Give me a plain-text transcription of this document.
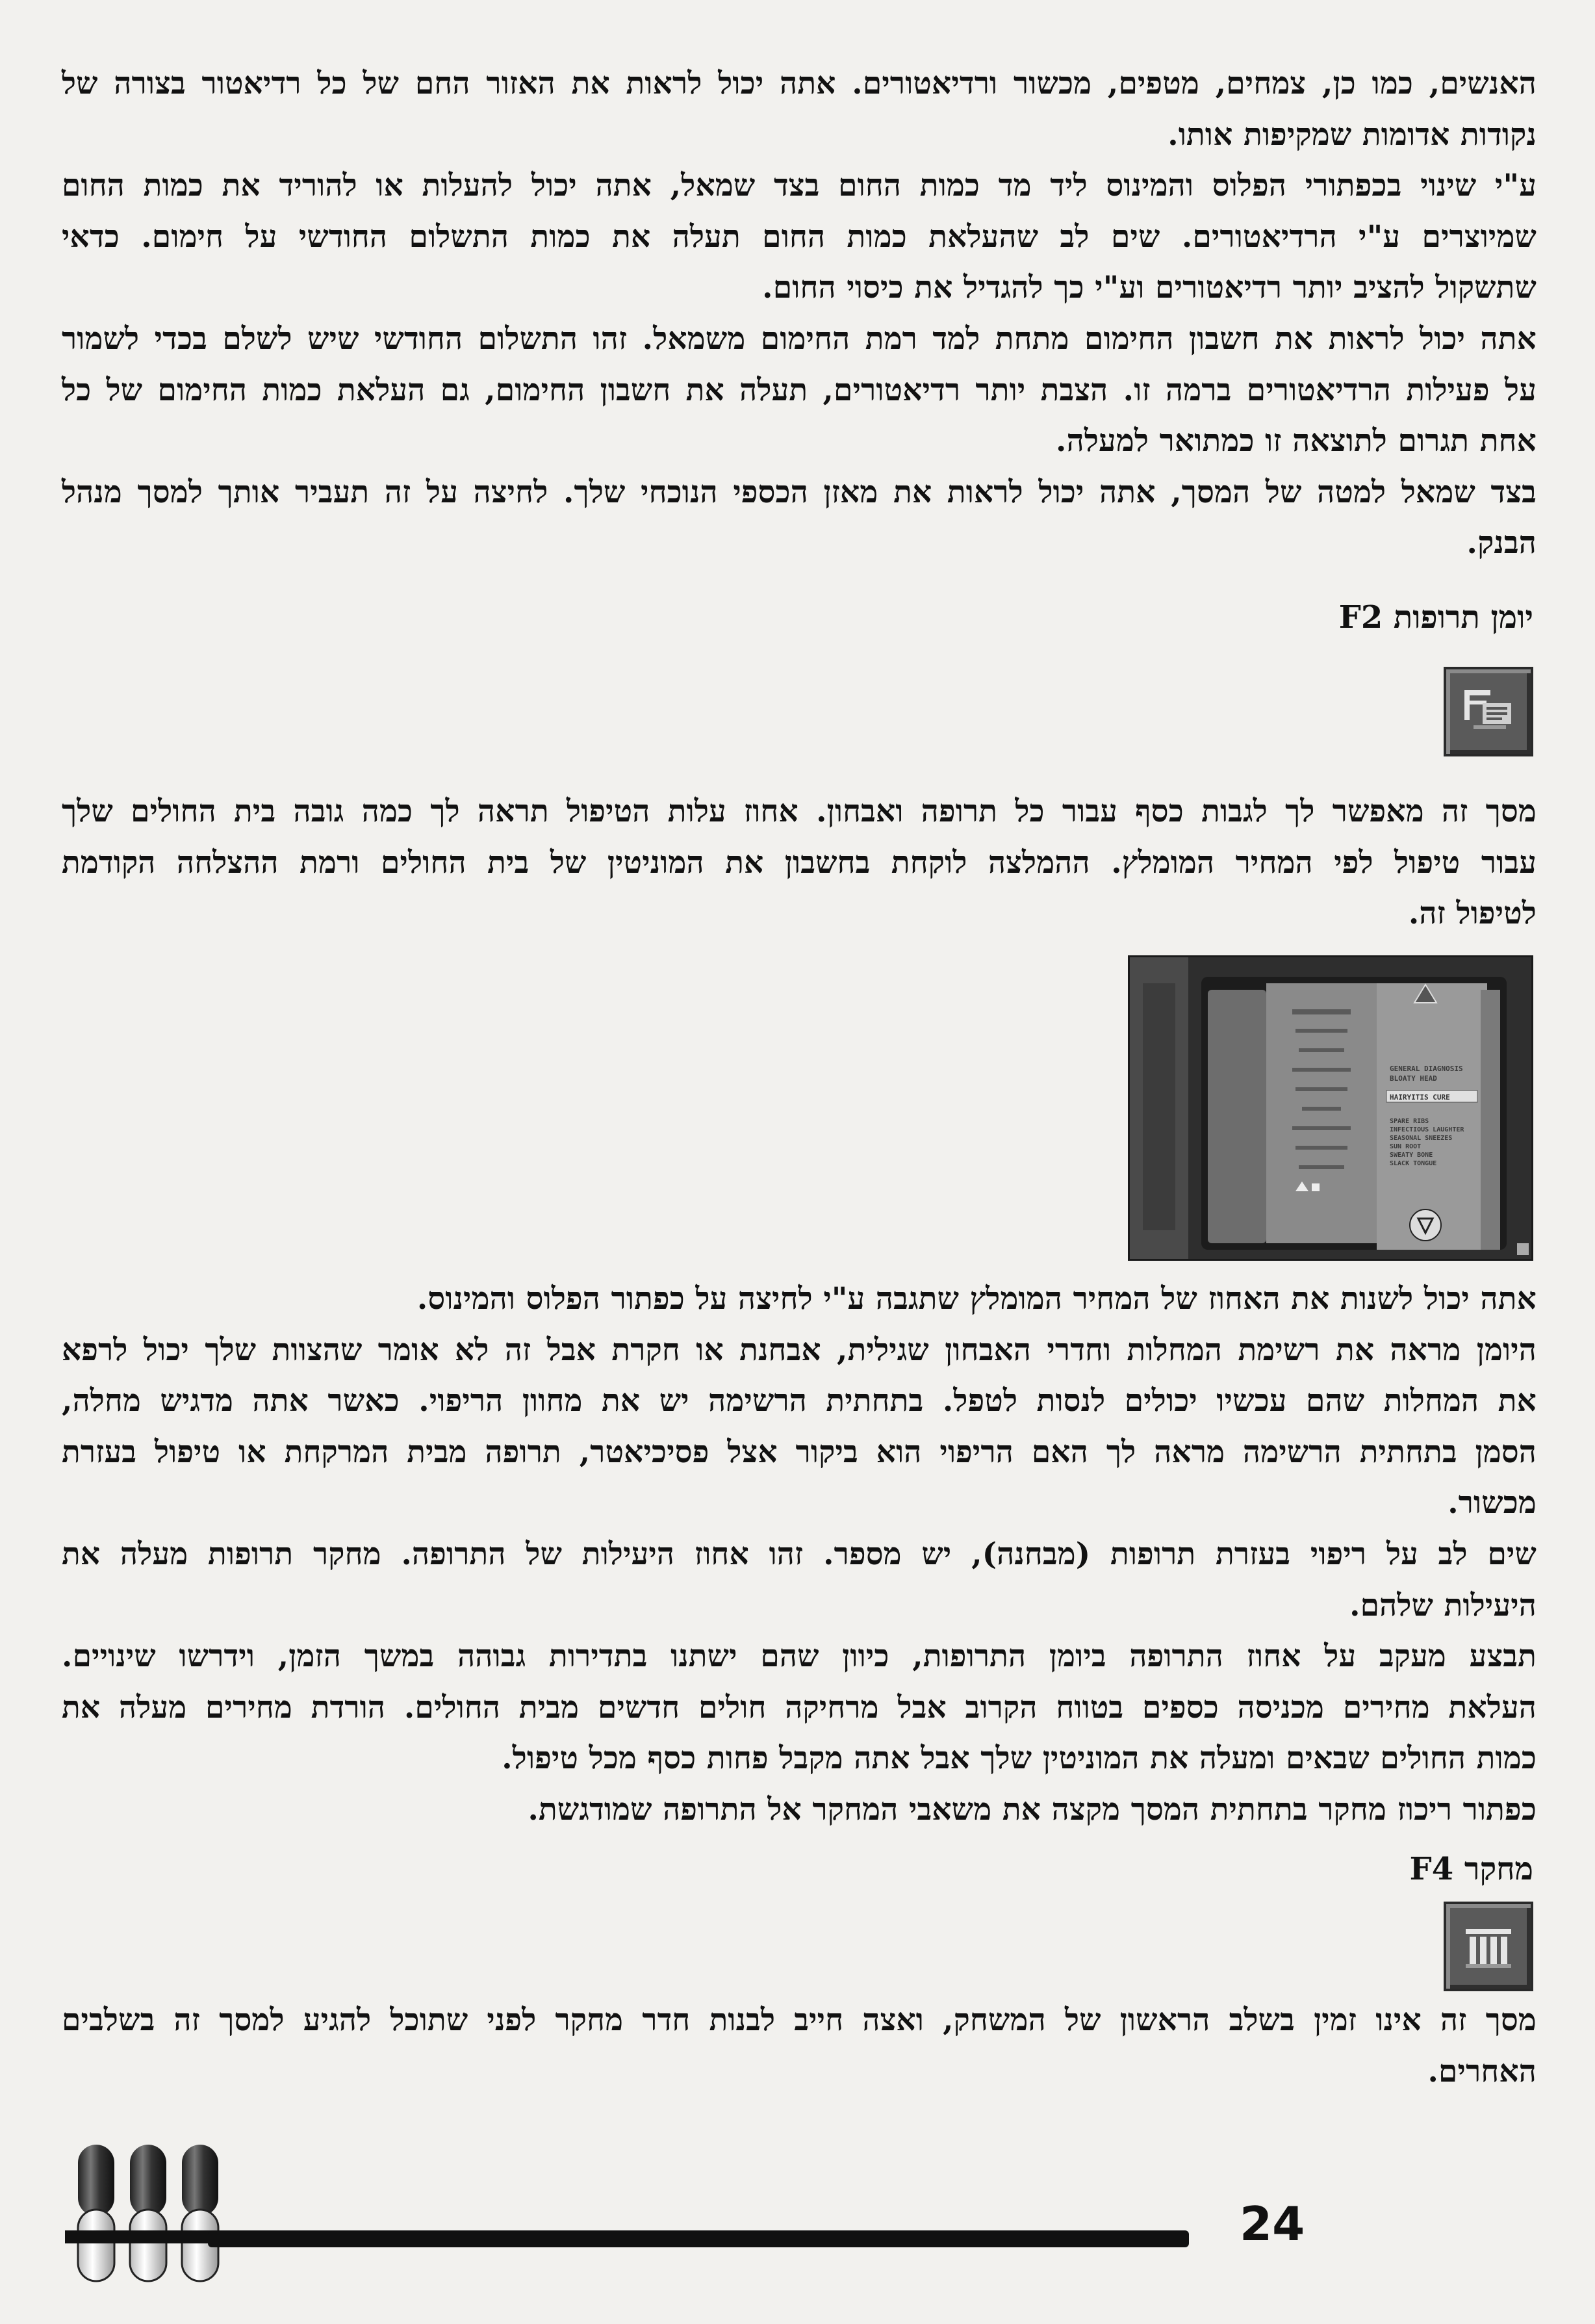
האנשים, כמו כן, צמחים, מטפים, מכשור ורדיאטורים. אתה יכול לראות את האזור החם של כל רדיאטור בצורה של
נקודות אדומות שמקיפות אותו.
ע"י שינוי בכפתורי הפלוס והמינוס ליד מד כמות החום בצד שמאל, אתה יכול להעלות או להוריד את כמות החום
שמיוצרים ע"י הרדיאטורים. שים לב שהעלאת כמות החום תעלה את כמות התשלום החודשי על חימום. כדאי
שתשקול להציב יותר רדיאטורים וע"י כך להגדיל את כיסוי החום.
אתה יכול לראות את חשבון החימום מתחת למד רמת החימום משמאל. זהו התשלום החודשי שיש לשלם בכדי לשמור
על פעילות הרדיאטורים ברמה זו. הצבת יותר רדיאטורים, תעלה את חשבון החימום, גם העלאת כמות החימום של כל
אחת תגרום לתוצאה זו כמתואר למעלה.
בצד שמאל למטה של המסך, אתה יכול לראות את מאזן הכספי הנוכחי שלך. לחיצה על זה תעביר אותך למסך מנהל
הבנק.
יומן תרופות F2
מסך זה מאפשר לך לגבות כסף עבור כל תרופה ואבחון. אחוז עלות הטיפול תראה לך כמה גובה בית החולים שלך
עבור טיפול לפי המחיר המומלץ. ההמלצה לוקחת בחשבון את המוניטין של בית החולים ורמת ההצלחה הקודמת
לטיפול זה.
GENERAL DIAGNOSIS
BLOATY HEAD
HAIRYITIS CURE
SPARE RIBS
INFECTIOUS LAUGHTER
SEASONAL SNEEZES
SUN ROOT
SWEATY BONE
SLACK TONGUE
אתה יכול לשנות את האחוז של המחיר המומלץ שתגבה ע"י לחיצה על כפתור הפלוס והמינוס.
היומן מראה את רשימת המחלות וחדרי האבחון שגילית, אבחנת או חקרת אבל זה לא אומר שהצוות שלך יכול לרפא
את המחלות שהם עכשיו יכולים לנסות לטפל. בתחתית הרשימה יש את מחוון הריפוי. כאשר אתה מדגיש מחלה,
הסמן בתחתית הרשימה מראה לך האם הריפוי הוא ביקור אצל פסיכיאטר, תרופה מבית המרקחת או טיפול בעזרת
מכשור.
שים לב על ריפוי בעזרת תרופות (מבחנה), יש מספר. זהו אחוז היעילות של התרופה. מחקר תרופות מעלה את
היעילות שלהם.
תבצע מעקב על אחוז התרופה ביומן התרופות, כיוון שהם ישתנו בתדירות גבוהה במשך הזמן, וידרשו שינויים.
העלאת מחירים מכניסה כספים בטווח הקרוב אבל מרחיקה חולים חדשים מבית החולים. הורדת מחירים מעלה את
כמות החולים שבאים ומעלה את המוניטין שלך אבל אתה מקבל פחות כסף מכל טיפול.
כפתור ריכוז מחקר בתחתית המסך מקצה את משאבי המחקר אל התרופה שמודגשת.
מחקר F4
מסך זה אינו זמין בשלב הראשון של המשחק, ואצה חייב לבנות חדר מחקר לפני שתוכל להגיע למסך זה בשלבים
האחרים.
24
